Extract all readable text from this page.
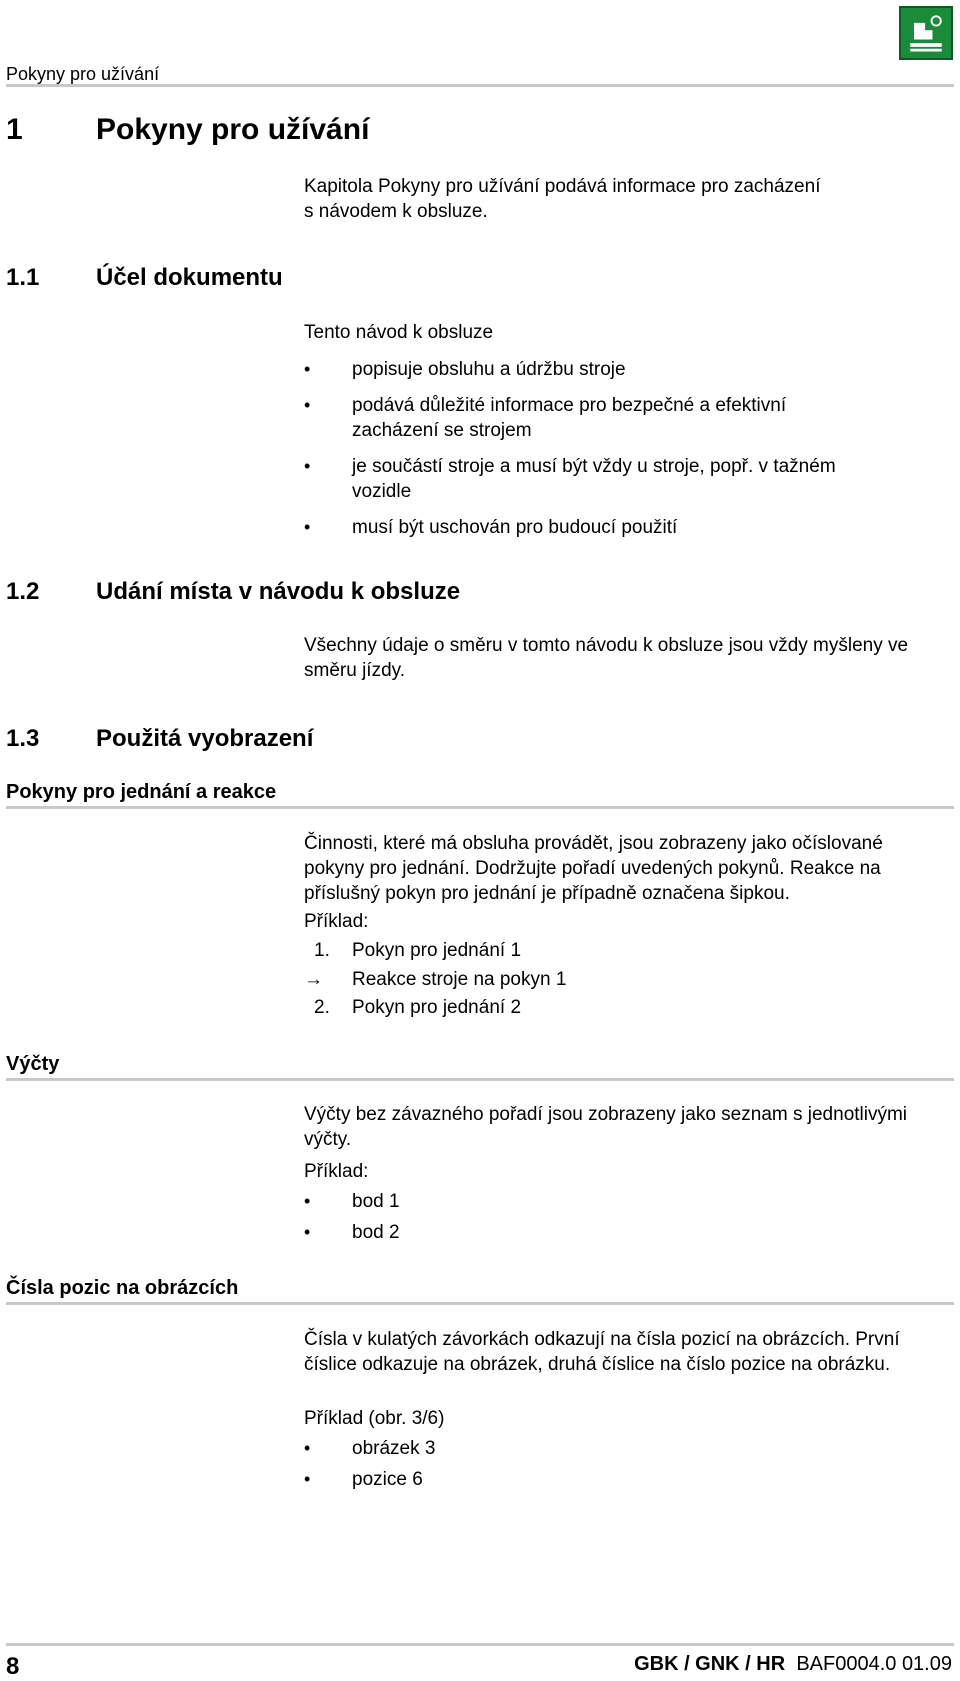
Pokyny pro užívání
1 Pokyny pro užívání
Kapitola Pokyny pro užívání podává informace pro zacházení
s návodem k obsluze.
1.1 Účel dokumentu
Tento návod k obsluze
• popisuje obsluhu a údržbu stroje
• podává důležité informace pro bezpečné a efektivní zacházení se strojem
• je součástí stroje a musí být vždy u stroje, popř. v tažném vozidle
• musí být uschován pro budoucí použití
1.2 Udání místa v návodu k obsluze
Všechny údaje o směru v tomto návodu k obsluze jsou vždy myšleny ve směru jízdy.
1.3 Použitá vyobrazení
Pokyny pro jednání a reakce
Činnosti, které má obsluha provádět, jsou zobrazeny jako očíslované pokyny pro jednání. Dodržujte pořadí uvedených pokynů. Reakce na příslušný pokyn pro jednání je případně označena šipkou.
Příklad:
1. Pokyn pro jednání 1
→ Reakce stroje na pokyn 1
2. Pokyn pro jednání 2
Výčty
Výčty bez závazného pořadí jsou zobrazeny jako seznam s jednotlivými výčty.
Příklad:
• bod 1
• bod 2
Čísla pozic na obrázcích
Čísla v kulatých závorkách odkazují na čísla pozicí na obrázcích. První číslice odkazuje na obrázek, druhá číslice na číslo pozice na obrázku.
Příklad (obr. 3/6)
• obrázek 3
• pozice 6
8	GBK / GNK / HR BAF0004.0 01.09
